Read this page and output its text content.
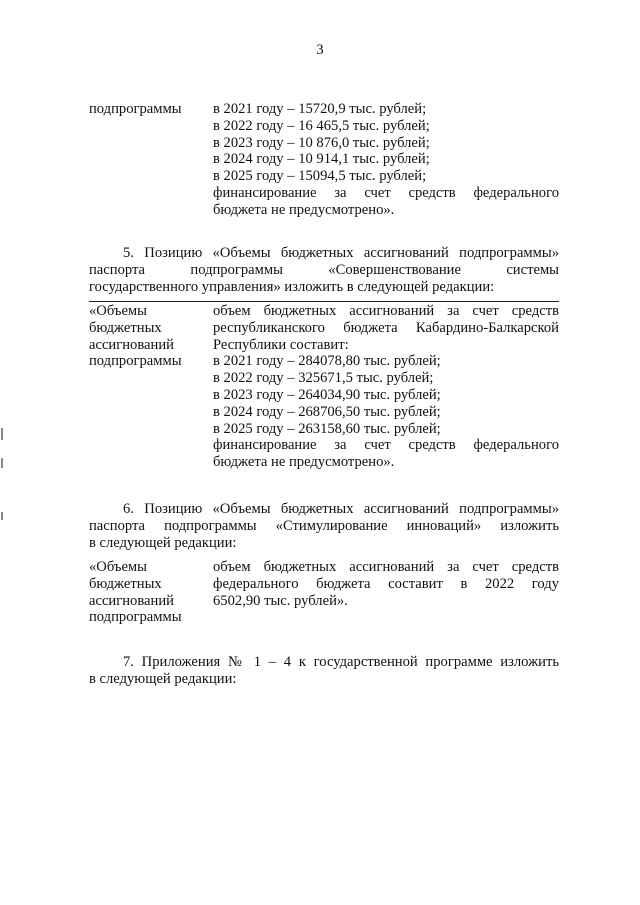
3
подпрограммы	в 2021 году – 15720,9 тыс. рублей;
в 2022 году – 16 465,5 тыс. рублей;
в 2023 году – 10 876,0 тыс. рублей;
в 2024 году – 10 914,1 тыс. рублей;
в 2025 году – 15094,5 тыс. рублей;
финансирование за счет средств федерального
бюджета не предусмотрено».
5. Позицию «Объемы бюджетных ассигнований подпрограммы»
паспорта подпрограммы «Совершенствование системы
государственного управления» изложить в следующей редакции:
«Объемы
бюджетных
ассигнований
подпрограммы
объем бюджетных ассигнований за счет средств
республиканского бюджета Кабардино-Балкарской
Республики составит:
в 2021 году – 284078,80 тыс. рублей;
в 2022 году – 325671,5 тыс. рублей;
в 2023 году – 264034,90 тыс. рублей;
в 2024 году – 268706,50 тыс. рублей;
в 2025 году – 263158,60 тыс. рублей;
финансирование за счет средств федерального
бюджета не предусмотрено».
6. Позицию «Объемы бюджетных ассигнований подпрограммы»
паспорта подпрограммы «Стимулирование инноваций» изложить
в следующей редакции:
«Объемы
бюджетных
ассигнований
подпрограммы
объем бюджетных ассигнований за счет средств
федерального бюджета составит в 2022 году
6502,90 тыс. рублей».
7. Приложения № 1 – 4 к государственной программе изложить
в следующей редакции:
